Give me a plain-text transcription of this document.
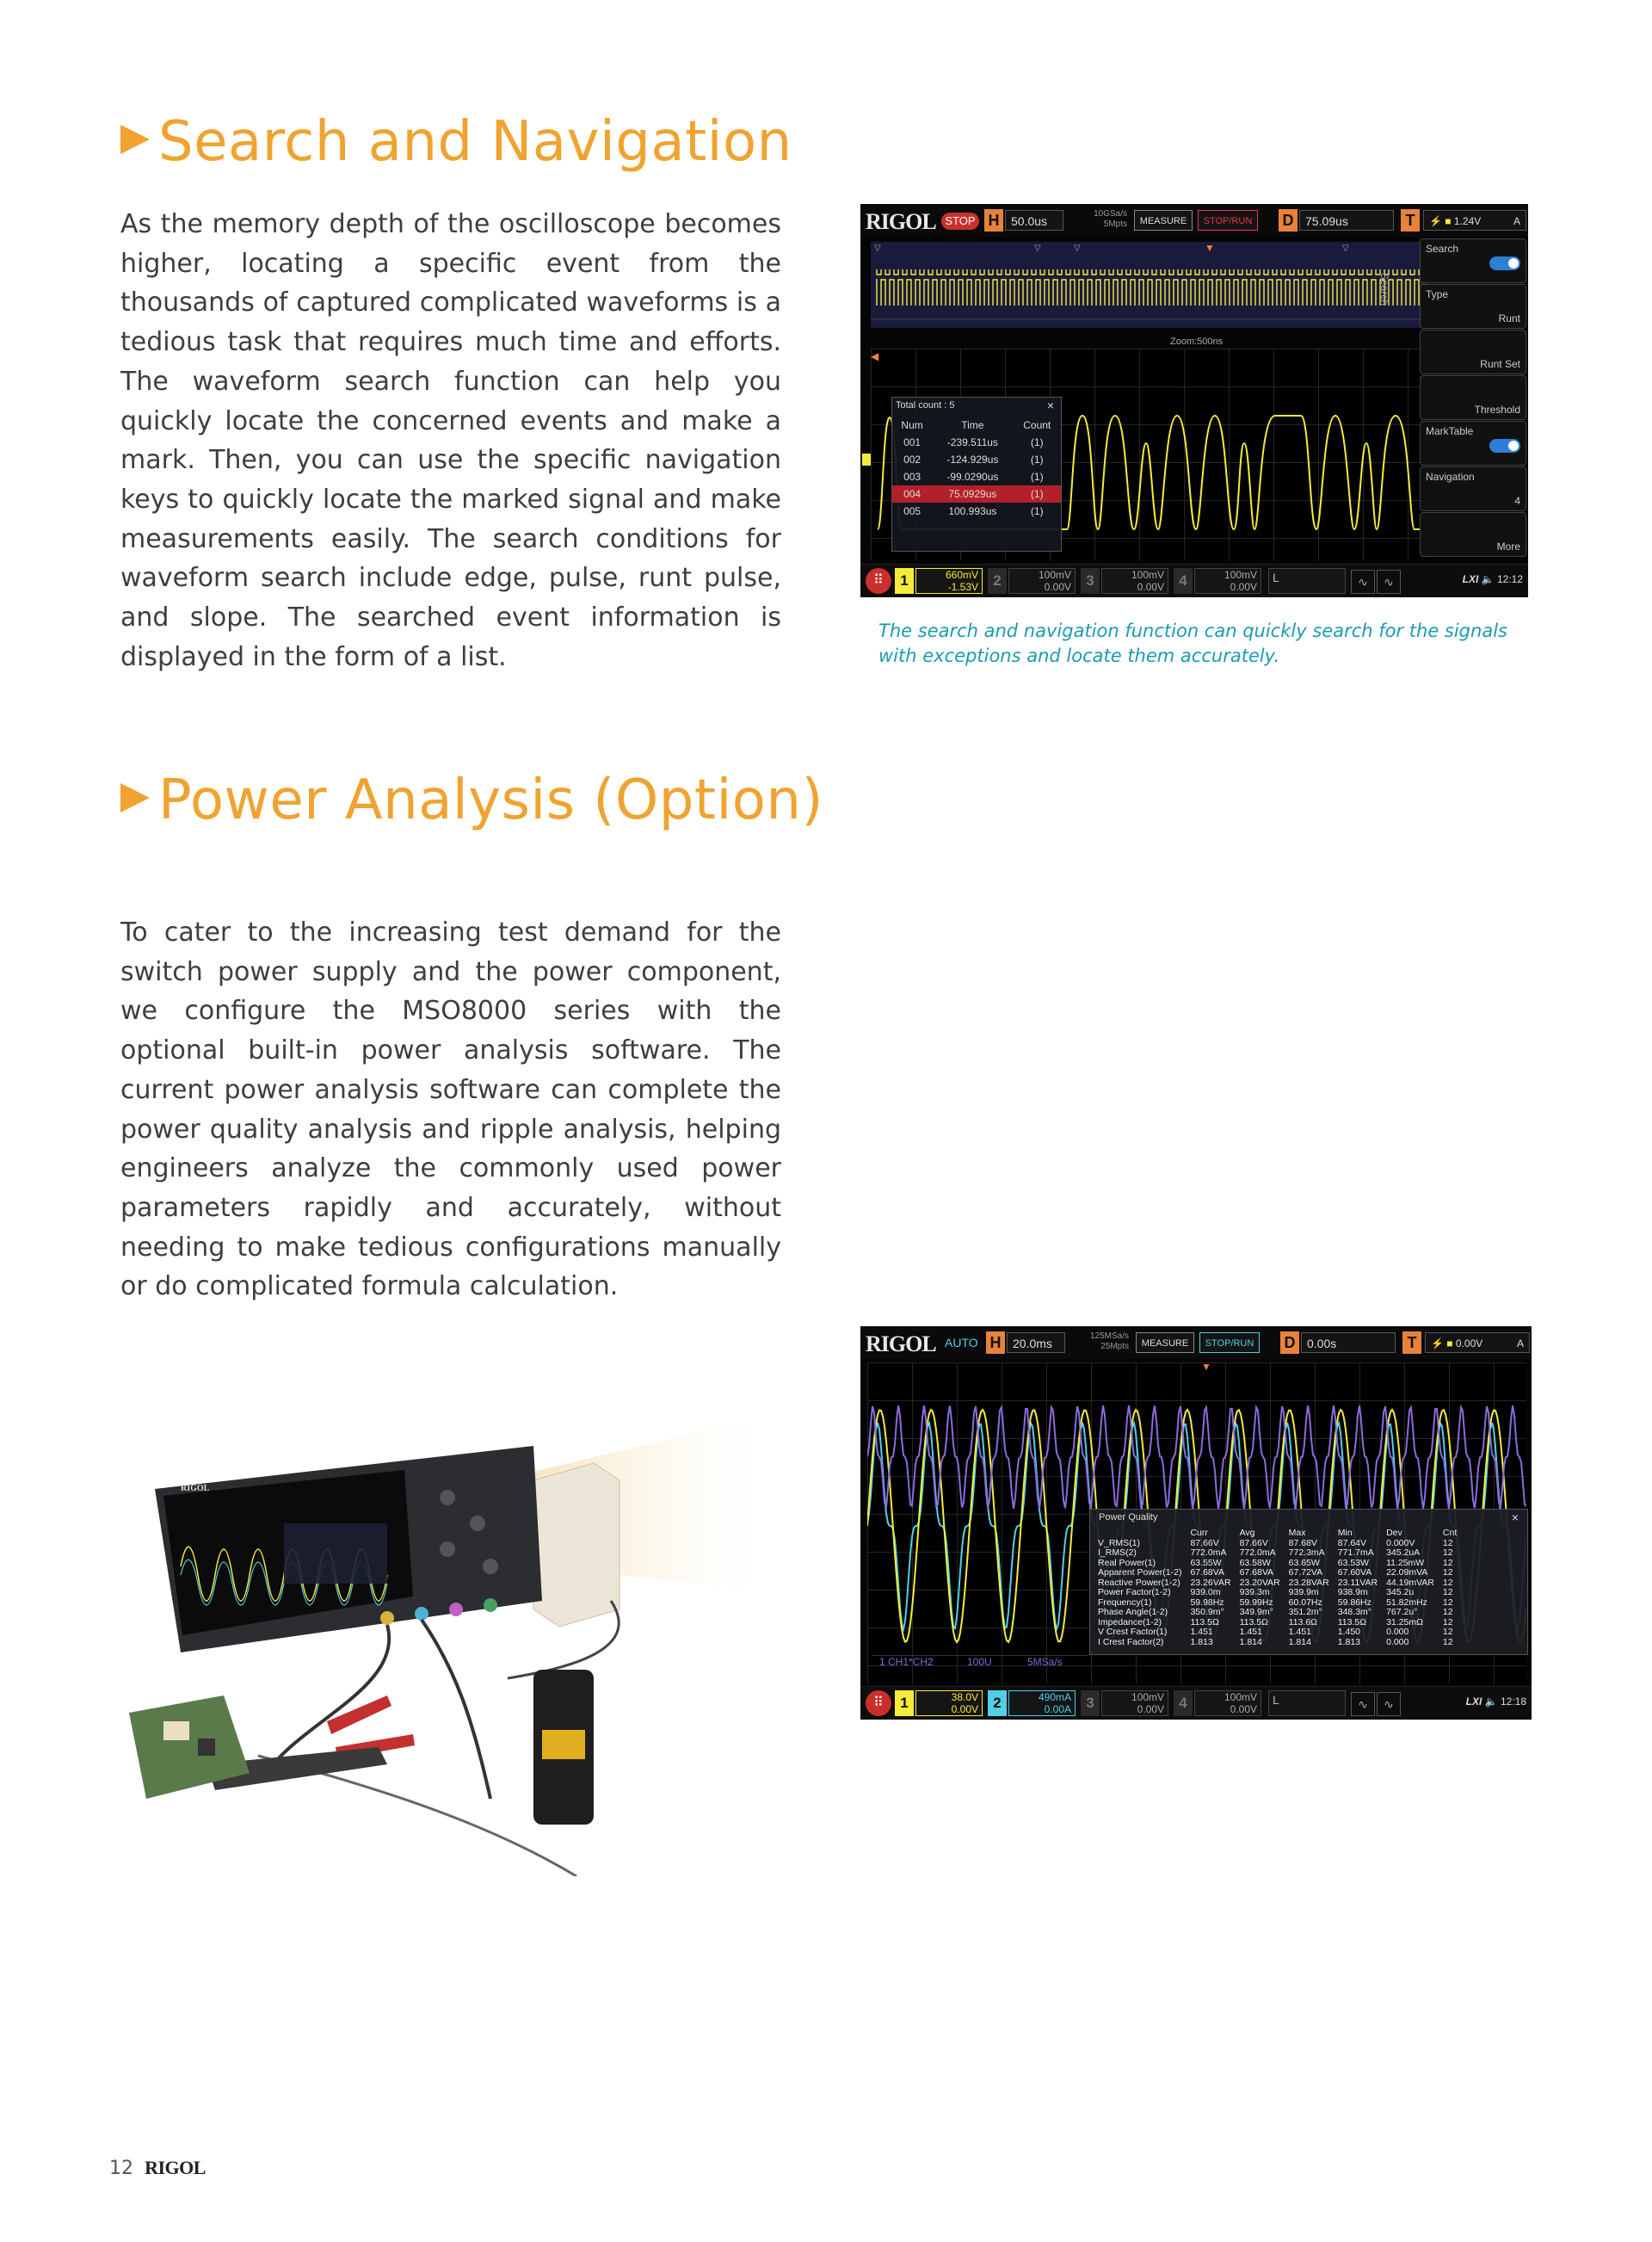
Search and Navigation
As the memory depth of the oscilloscope becomes higher, locating a specific event from the thousands of captured complicated waveforms is a tedious task that requires much time and efforts. The waveform search function can help you quickly locate the concerned events and make a mark. Then, you can use the specific navigation keys to quickly locate the marked signal and make measurements easily. The search conditions for waveform search include edge, pulse, runt pulse, and slope. The searched event information is displayed in the form of a list.
RIGOL STOP H 50.0us
10GSa/s
5Mpts	MEASURE	STOP/RUN	D 75.09us	T	⚡ ■ 1.24V	A
▽	▽	▽	▼	▽
Zoom:500ns
◀
Total count : 5	×
Num	Time	Count
001	-239.511us	(1)
002	-124.929us	(1)
003	-99.0290us	(1)
004	75.0929us	(1)
005	100.993us	(1)
Search
Search
Type
Runt
Runt Set
Threshold
MarkTable
Navigation
4
More
⠿	1	660mV
-1.53V	2	100mV
0.00V	3	100mV
0.00V	4	100mV
0.00V
L	∿	∿	LXI 🔈 12:12
The search and navigation function can quickly search for the signals
with exceptions and locate them accurately.
Power Analysis (Option)
To cater to the increasing test demand for the switch power supply and the power component, we configure the MSO8000 series with the optional built-in power analysis software. The current power analysis software can complete the power quality analysis and ripple analysis, helping engineers analyze the commonly used power parameters rapidly and accurately, without needing to make tedious configurations manually or do complicated formula calculation.
RIGOL
RIGOL AUTO H 20.0ms
125MSa/s
25Mpts	MEASURE	STOP/RUN	D 0.00s	T	⚡ ■ 0.00V	A
▼
Power Quality	×
	Curr	Avg	Max	Min	Dev	Cnt
V_RMS(1)	87.66V	87.66V	87.68V	87.64V	0.000V	12
I_RMS(2)	772.0mA	772.0mA	772.3mA	771.7mA	345.2uA	12
Real Power(1)	63.55W	63.58W	63.65W	63.53W	11.25mW	12
Apparent Power(1-2)	67.68VA	67.68VA	67.72VA	67.60VA	22.09mVA	12
Reactive Power(1-2)	23.26VAR	23.20VAR	23.28VAR	23.11VAR	44.19mVAR	12
Power Factor(1-2)	939.0m	939.3m	939.9m	938.9m	345.2u	12
Frequency(1)	59.98Hz	59.99Hz	60.07Hz	59.86Hz	51.82mHz	12
Phase Angle(1-2)	350.9m°	349.9m°	351.2m°	348.3m°	767.2u°	12
Impedance(1-2)	113.5Ω	113.5Ω	113.6Ω	113.5Ω	31.25mΩ	12
V Crest Factor(1)	1.451	1.451	1.451	1.450	0.000	12
I Crest Factor(2)	1.813	1.814	1.814	1.813	0.000	12
1 CH1*CH2	100U	5MSa/s
⠿	1	38.0V
0.00V	2	490mA
0.00A	3	100mV
0.00V	4	100mV
0.00V
L	∿	∿	LXI 🔈 12:18
12 RIGOL
